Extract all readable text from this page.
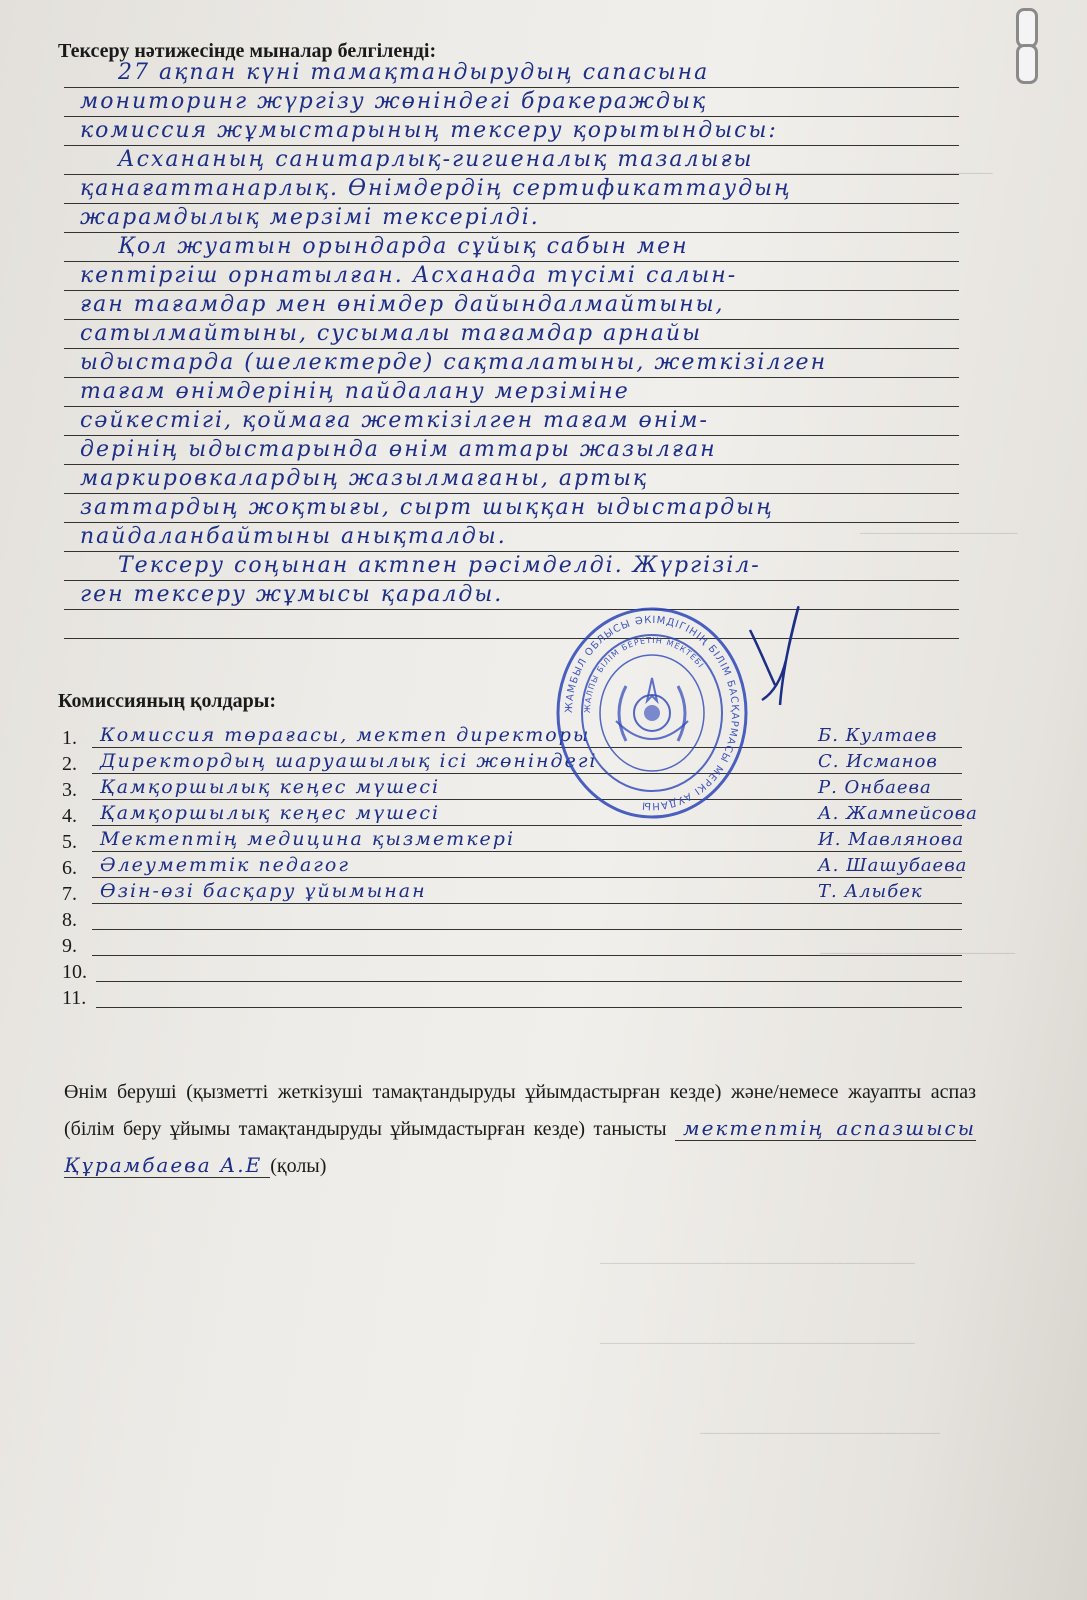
_______________________________
_____________________
__________________________
__________________________________________
__________________________________________
________________________________
Тексеру нәтижесінде мыналар белгіленді:
27 ақпан күні тамақтандырудың сапасына
мониторинг жүргізу жөніндегі бракераждық
комиссия жұмыстарының тексеру қорытындысы:
Асхананың санитарлық-гигиеналық тазалығы
қанағаттанарлық. Өнімдердің сертификаттаудың
жарамдылық мерзімі тексерілді.
Қол жуатын орындарда сұйық сабын мен
кептіргіш орнатылған. Асханада түсімі салын-
ған тағамдар мен өнімдер дайындалмайтыны,
сатылмайтыны, сусымалы тағамдар арнайы
ыдыстарда (шелектерде) сақталатыны, жеткізілген
тағам өнімдерінің пайдалану мерзіміне
сәйкестігі, қоймаға жеткізілген тағам өнім-
дерінің ыдыстарында өнім аттары жазылған
маркировкалардың жазылмағаны, артық
заттардың жоқтығы, сырт шыққан ыдыстардың
пайдаланбайтыны анықталды.
Тексеру соңынан актпен рәсімделді. Жүргізіл-
ген тексеру жұмысы қаралды.
Комиссияның қолдары:
1. Комиссия төрағасы, мектеп директоры	Б. Култаев
2. Директордың шаруашылық ісі жөніндегі	С. Исманов
3. Қамқоршылық кеңес мүшесі	Р. Онбаева
4. Қамқоршылық кеңес мүшесі	А. Жампейсова
5. Мектептің медицина қызметкері	И. Мавлянова
6. Әлеуметтік педагог	А. Шашубаева
7. Өзін-өзі басқару ұйымынан	Т. Алыбек
8.
9.
10.
11.
ЖАМБЫЛ ОБЛЫСЫ ӘКІМДІГІНІҢ БІЛІМ БАСҚАРМАСЫ МЕРКІ АУДАНЫ
ЖАЛПЫ БІЛІМ БЕРЕТІН МЕКТЕБІ
Өнім беруші (қызметті жеткізуші тамақтандыруды ұйымдастырған кезде) және/немесе жауапты аспаз (білім беру ұйымы тамақтандыруды ұйымдастырған кезде) танысты мектептің аспазшысы Құрамбаева А.Е (қолы)
